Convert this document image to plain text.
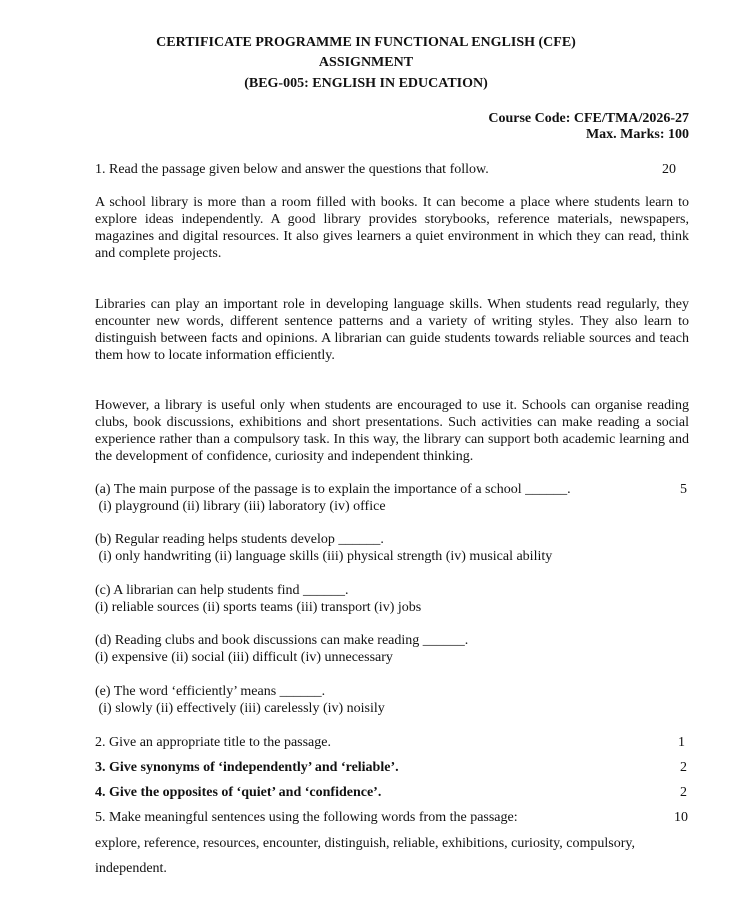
CERTIFICATE PROGRAMME IN FUNCTIONAL ENGLISH (CFE)

ASSIGNMENT

(BEG-005: ENGLISH IN EDUCATION)

Course Code: CFE/TMA/2026-27

Max. Marks: 100

1. Read the passage given below and answer the questions that follow.	20

A school library is more than a room filled with books. It can become a place where students learn to explore ideas independently. A good library provides storybooks, reference materials, newspapers, magazines and digital resources. It also gives learners a quiet environment in which they can read, think and complete projects.

Libraries can play an important role in developing language skills. When students read regularly, they encounter new words, different sentence patterns and a variety of writing styles. They also learn to distinguish between facts and opinions. A librarian can guide students towards reliable sources and teach them how to locate information efficiently.

However, a library is useful only when students are encouraged to use it. Schools can organise reading clubs, book discussions, exhibitions and short presentations. Such activities can make reading a social experience rather than a compulsory task. In this way, the library can support both academic learning and the development of confidence, curiosity and independent thinking.

(a) The main purpose of the passage is to explain the importance of a school ______.	5

(i) playground (ii) library (iii) laboratory (iv) office

(b) Regular reading helps students develop ______.

(i) only handwriting (ii) language skills (iii) physical strength (iv) musical ability

(c) A librarian can help students find ______.

(i) reliable sources (ii) sports teams (iii) transport (iv) jobs

(d) Reading clubs and book discussions can make reading ______.

(i) expensive (ii) social (iii) difficult (iv) unnecessary

(e) The word ‘efficiently’ means ______.

(i) slowly (ii) effectively (iii) carelessly (iv) noisily

2. Give an appropriate title to the passage.	1

3. Give synonyms of ‘independently’ and ‘reliable’.	2

4. Give the opposites of ‘quiet’ and ‘confidence’.	2

5. Make meaningful sentences using the following words from the passage:	10

explore, reference, resources, encounter, distinguish, reliable, exhibitions, curiosity, compulsory,

independent.
